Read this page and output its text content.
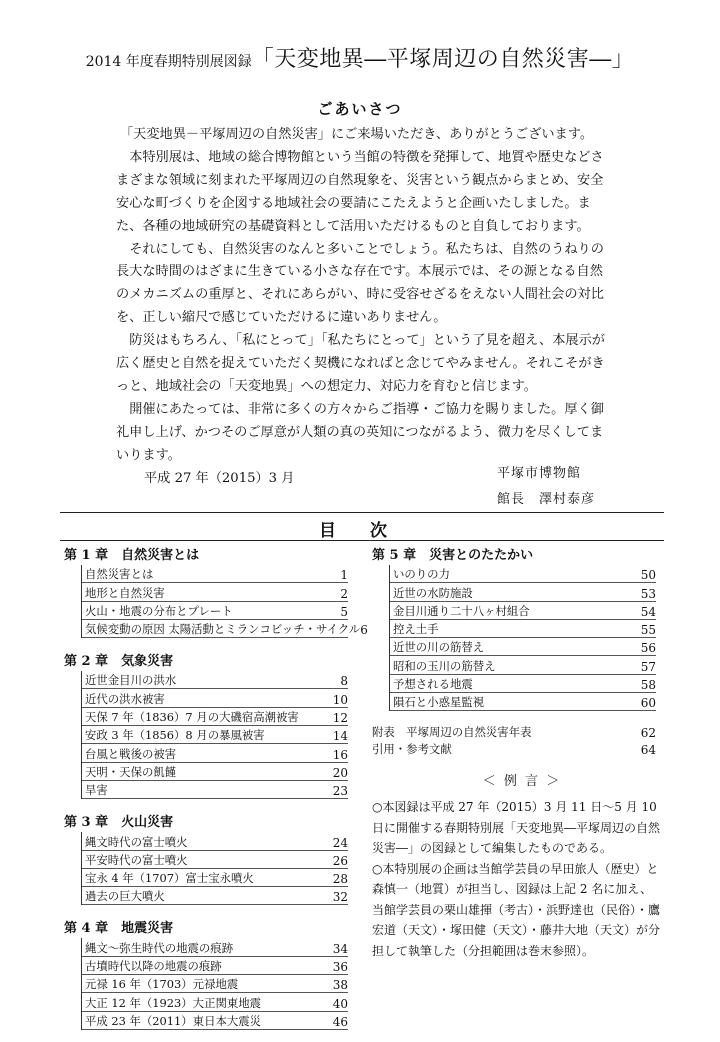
2014 年度春期特別展図録「天変地異―平塚周辺の自然災害―」
ごあいさつ

「天変地異－平塚周辺の自然災害」にご来場いただき、ありがとうございます。

本特別展は、地域の総合博物館という当館の特徴を発揮して、地質や歴史などさまざまな領域に刻まれた平塚周辺の自然現象を、災害という観点からまとめ、安全安心な町づくりを企図する地域社会の要請にこたえようと企画いたしました。また、各種の地域研究の基礎資料として活用いただけるものと自負しております。

それにしても、自然災害のなんと多いことでしょう。私たちは、自然のうねりの長大な時間のはざまに生きている小さな存在です。本展示では、その源となる自然のメカニズムの重厚と、それにあらがい、時に受容せざるをえない人間社会の対比を、正しい縮尺で感じていただけるに違いありません。

防災はもちろん、「私にとって」「私たちにとって」という了見を超え、本展示が広く歴史と自然を捉えていただく契機になればと念じてやみません。それこそがきっと、地域社会の「天変地異」への想定力、対応力を育むと信じます。

開催にあたっては、非常に多くの方々からご指導・ご協力を賜りました。厚く御礼申し上げ、かつそのご厚意が人類の真の英知につながるよう、微力を尽くしてまいります。

平成 27 年（2015）3 月	平塚市博物館
館長　澤村泰彦
目 次
第 1 章　自然災害とは
自然災害とは	1
地形と自然災害	2
火山・地震の分布とプレート	5
気候変動の原因 太陽活動とミランコビッチ・サイクル 6
第 2 章　気象災害
近世金目川の洪水	8
近代の洪水被害	10
天保 7 年（1836）7 月の大磯宿高潮被害	12
安政 3 年（1856）8 月の暴風被害	14
台風と戦後の被害	16
天明・天保の飢饉	20
旱害	23
第 3 章　火山災害
縄文時代の富士噴火	24
平安時代の富士噴火	26
宝永 4 年（1707）富士宝永噴火	28
過去の巨大噴火	32
第 4 章　地震災害
縄文～弥生時代の地震の痕跡	34
古墳時代以降の地震の痕跡	36
元禄 16 年（1703）元禄地震	38
大正 12 年（1923）大正関東地震	40
平成 23 年（2011）東日本大震災	46
第 5 章　災害とのたたかい
いのりの力	50
近世の水防施設	53
金目川通り二十八ヶ村組合	54
控え土手	55
近世の川の筋替え	56
昭和の玉川の筋替え	57
予想される地震	58
隕石と小惑星監視	60
附表　平塚周辺の自然災害年表	62
引用・参考文献	64
＜ 例 言 ＞

○本図録は平成 27 年（2015）3 月 11 日～5 月 10 日に開催する春期特別展「天変地異―平塚周辺の自然災害―」の図録として編集したものである。

○本特別展の企画は当館学芸員の早田旅人（歴史）と森慎一（地質）が担当し、図録は上記 2 名に加え、当館学芸員の栗山雄揮（考古）・浜野達也（民俗）・鷹宏道（天文）・塚田健（天文）・藤井大地（天文）が分担して執筆した（分担範囲は巻末参照）。
